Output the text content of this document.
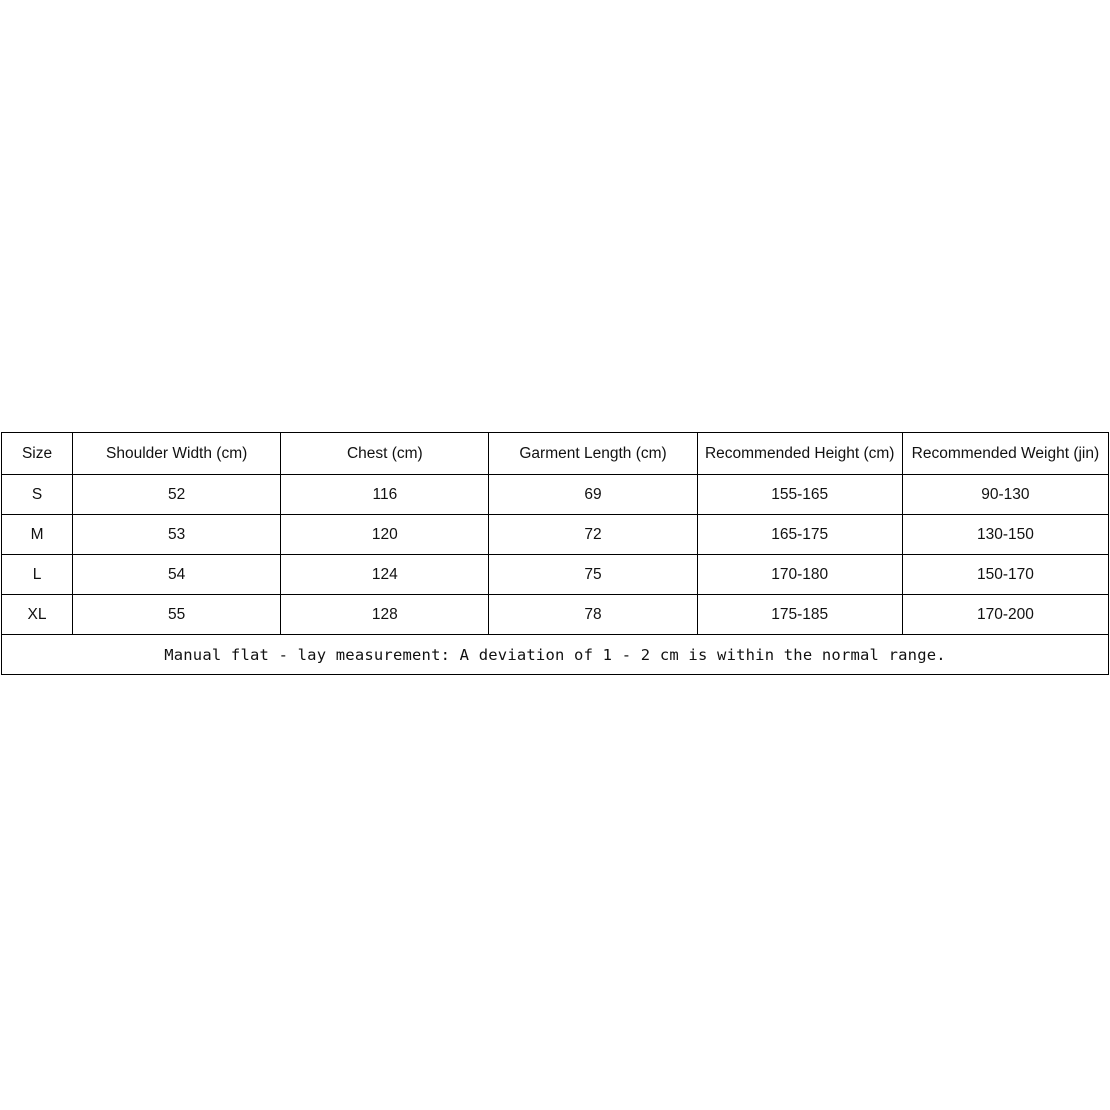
Size	Shoulder Width (cm)	Chest (cm)	Garment Length (cm)	Recommended Height (cm)	Recommended Weight (jin)
S	52	116	69	155-165	90-130
M	53	120	72	165-175	130-150
L	54	124	75	170-180	150-170
XL	55	128	78	175-185	170-200
Manual flat - lay measurement: A deviation of 1 - 2 cm is within the normal range.					
